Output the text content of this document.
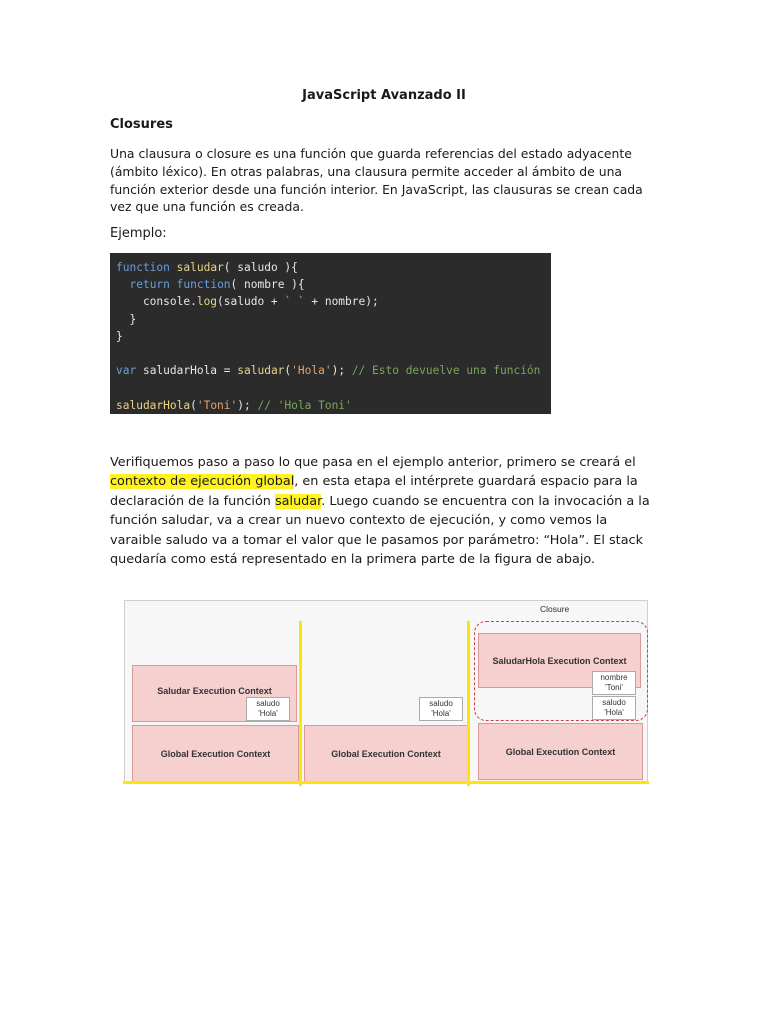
JavaScript Avanzado II
Closures

Una clausura o closure es una función que guarda referencias del estado adyacente (ámbito léxico). En otras palabras, una clausura permite acceder al ámbito de una función exterior desde una función interior. En JavaScript, las clausuras se crean cada vez que una función es creada.

Ejemplo:
function saludar( saludo ){
return function( nombre ){
console.log(saludo + ` ` + nombre);
}
}

var saludarHola = saludar('Hola'); // Esto devuelve una función

saludarHola('Toni'); // 'Hola Toni'

Verifiquemos paso a paso lo que pasa en el ejemplo anterior, primero se creará el contexto de ejecución global, en esta etapa el intérprete guardará espacio para la declaración de la función saludar. Luego cuando se encuentra con la invocación a la función saludar, va a crear un nuevo contexto de ejecución, y como vemos la varaible saludo va a tomar el valor que le pasamos por parámetro: “Hola”. El stack quedaría como está representado en la primera parte de la figura de abajo.

Saludar Execution Context
saludo
'Hola'
Global Execution Context
saludo
'Hola'
Global Execution Context
Closure
SaludarHola Execution Context
nombre
'Toni'
saludo
'Hola'
Global Execution Context
